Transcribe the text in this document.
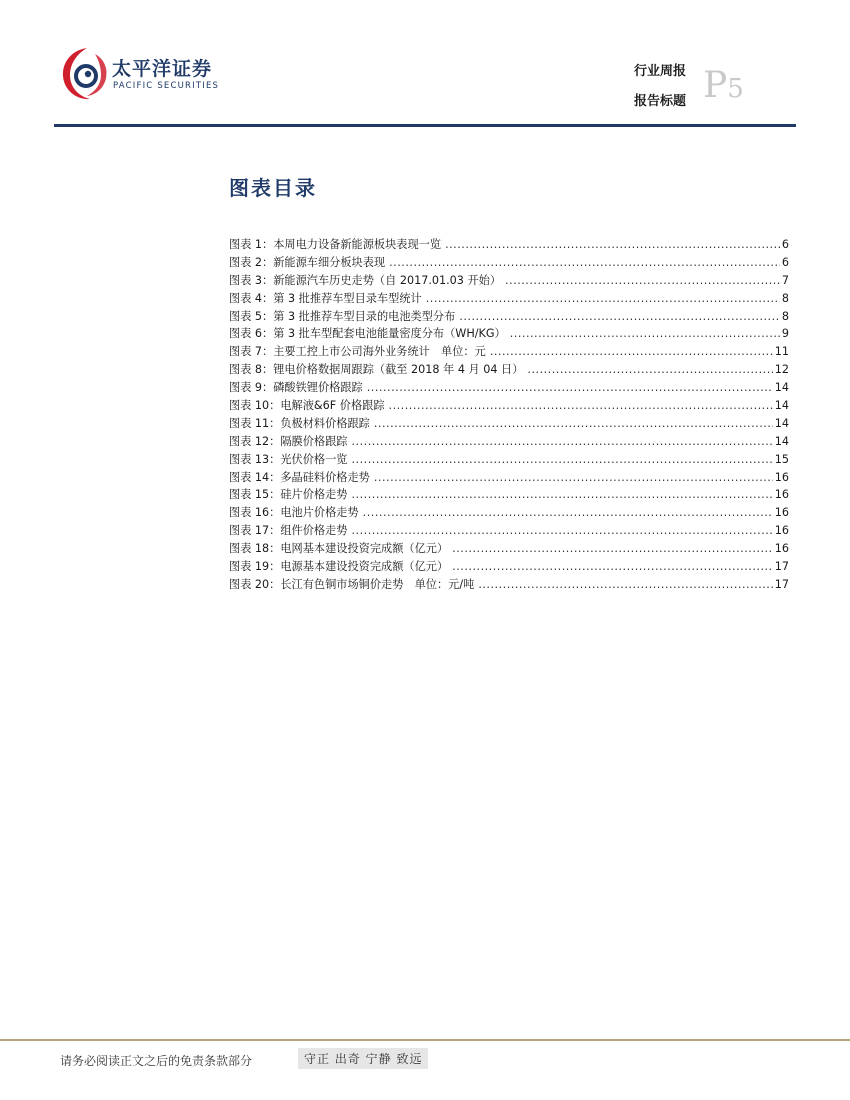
太平洋证券
PACIFIC SECURITIES
行业周报
报告标题 P5
图表目录
图表 1：本周电力设备新能源板块表现一览 .....	6
图表 2：新能源车细分板块表现 .....	6
图表 3：新能源汽车历史走势（自 2017.01.03 开始） .....	7
图表 4：第 3 批推荐车型目录车型统计 .....	8
图表 5：第 3 批推荐车型目录的电池类型分布 .....	8
图表 6：第 3 批车型配套电池能量密度分布（WH/KG） .....	9
图表 7：主要工控上市公司海外业务统计　单位：元 .....	11
图表 8：锂电价格数据周跟踪（截至 2018 年 4 月 04 日） .....	12
图表 9：磷酸铁锂价格跟踪 .....	14
图表 10：电解液&6F 价格跟踪 .....	14
图表 11：负极材料价格跟踪 .....	14
图表 12：隔膜价格跟踪 .....	14
图表 13：光伏价格一览 .....	15
图表 14：多晶硅料价格走势 .....	16
图表 15：硅片价格走势 .....	16
图表 16：电池片价格走势 .....	16
图表 17：组件价格走势 .....	16
图表 18：电网基本建设投资完成额（亿元） .....	16
图表 19：电源基本建设投资完成额（亿元） .....	17
图表 20：长江有色铜市场铜价走势　单位：元/吨 .....	17
请务必阅读正文之后的免责条款部分	守正 出奇 宁静 致远
